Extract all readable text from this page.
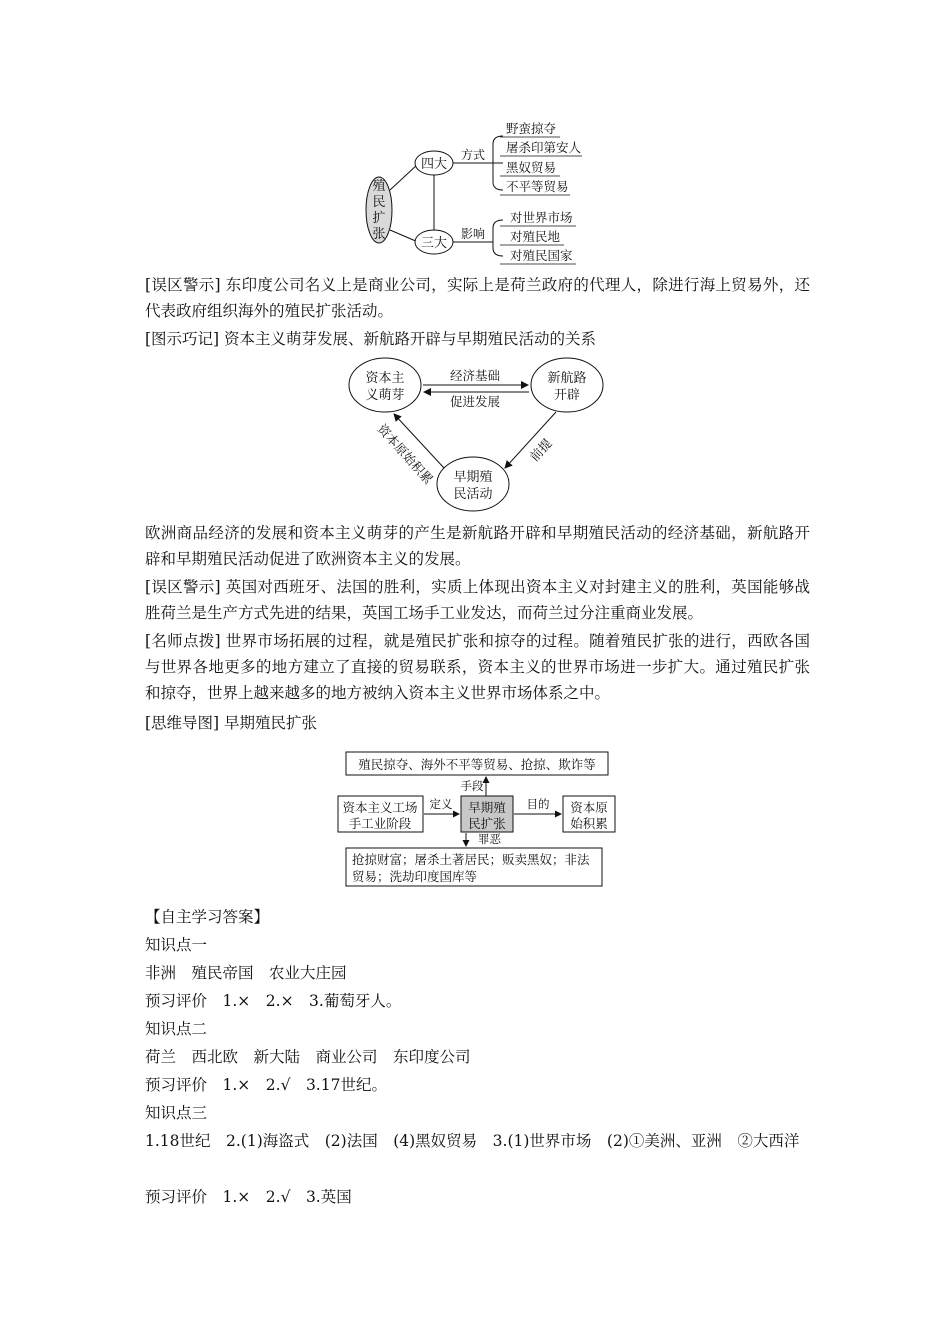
殖
民
扩
张
四大
三大
方式
影响
野蛮掠夺
屠杀印第安人
黑奴贸易
不平等贸易
对世界市场
对殖民地
对殖民国家

[误区警示] 东印度公司名义上是商业公司，实际上是荷兰政府的代理人，除进行海上贸易外，还代表政府组织海外的殖民扩张活动。

[图示巧记] 资本主义萌芽发展、新航路开辟与早期殖民活动的关系

资本主
义萌芽
新航路
开辟
早期殖
民活动
经济基础
促进发展
前提
资本原始积累

欧洲商品经济的发展和资本主义萌芽的产生是新航路开辟和早期殖民活动的经济基础，新航路开辟和早期殖民活动促进了欧洲资本主义的发展。

[误区警示] 英国对西班牙、法国的胜利，实质上体现出资本主义对封建主义的胜利，英国能够战胜荷兰是生产方式先进的结果，英国工场手工业发达，而荷兰过分注重商业发展。

[名师点拨] 世界市场拓展的过程，就是殖民扩张和掠夺的过程。随着殖民扩张的进行，西欧各国与世界各地更多的地方建立了直接的贸易联系，资本主义的世界市场进一步扩大。通过殖民扩张和掠夺，世界上越来越多的地方被纳入资本主义世界市场体系之中。

[思维导图] 早期殖民扩张

殖民掠夺、海外不平等贸易、抢掠、欺诈等
手段
资本主义工场
手工业阶段
定义 早期殖
民扩张
目的 资本原
始积累
罪恶
抢掠财富；屠杀土著居民；贩卖黑奴；非法
贸易；洗劫印度国库等

【自主学习答案】

知识点一

非洲　殖民帝国　农业大庄园

预习评价　1.×　2.×　3.葡萄牙人。

知识点二

荷兰　西北欧　新大陆　商业公司　东印度公司

预习评价　1.×　2.√　3.17世纪。

知识点三

1.18世纪　2.(1)海盗式　(2)法国　(4)黑奴贸易　3.(1)世界市场　(2)①美洲、亚洲　②大西洋

预习评价　1.×　2.√　3.英国
